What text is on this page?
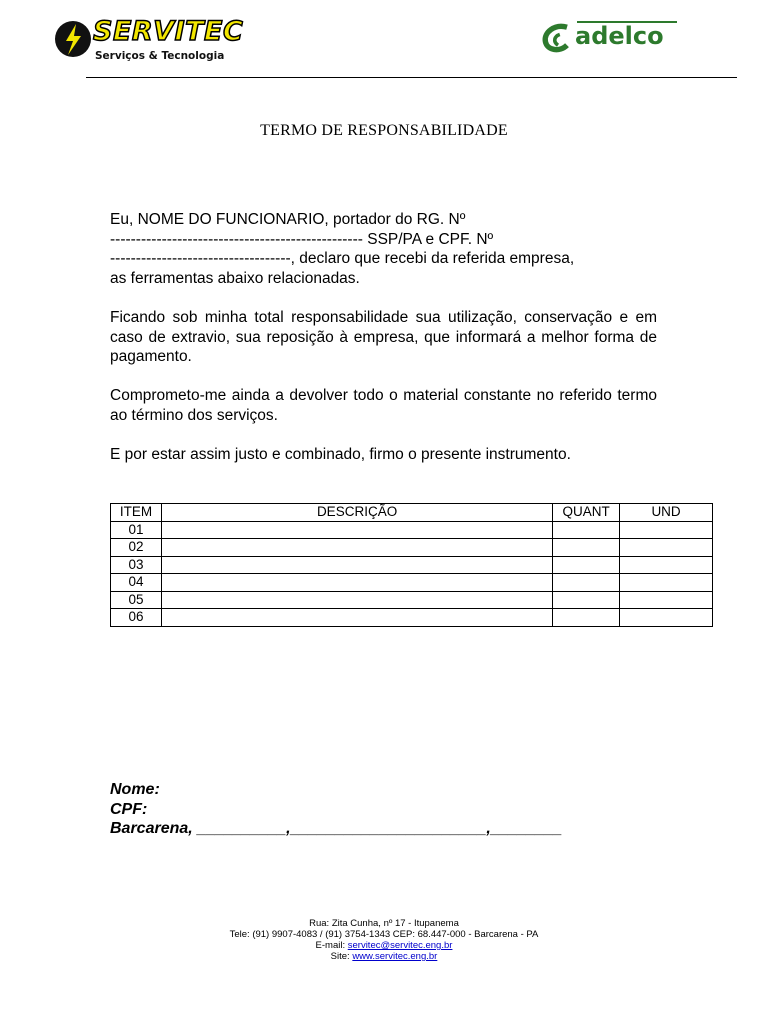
SERVITEC
Serviços & Tecnologia
adelco
TERMO DE RESPONSABILIDADE
Eu, NOME DO FUNCIONARIO, portador do RG. Nº
------------------------------------------------- SSP/PA e CPF. Nº
-----------------------------------, declaro que recebi da referida empresa,
as ferramentas abaixo relacionadas.
Ficando sob minha total responsabilidade sua utilização, conservação e em caso de extravio, sua reposição à empresa, que informará a melhor forma de pagamento.
Comprometo-me ainda a devolver todo o material constante no referido termo ao término dos serviços.
E por estar assim justo e combinado, firmo o presente instrumento.
ITEM	DESCRIÇÃO	QUANT	UND
01			
02			
03			
04			
05			
06			
Nome:
CPF:
Barcarena, __________,______________________,________
Rua: Zita Cunha, nº 17 - Itupanema
Tele: (91) 9907-4083 / (91) 3754-1343 CEP: 68.447-000 - Barcarena - PA
E-mail: servitec@servitec.eng.br
Site: www.servitec.eng.br
